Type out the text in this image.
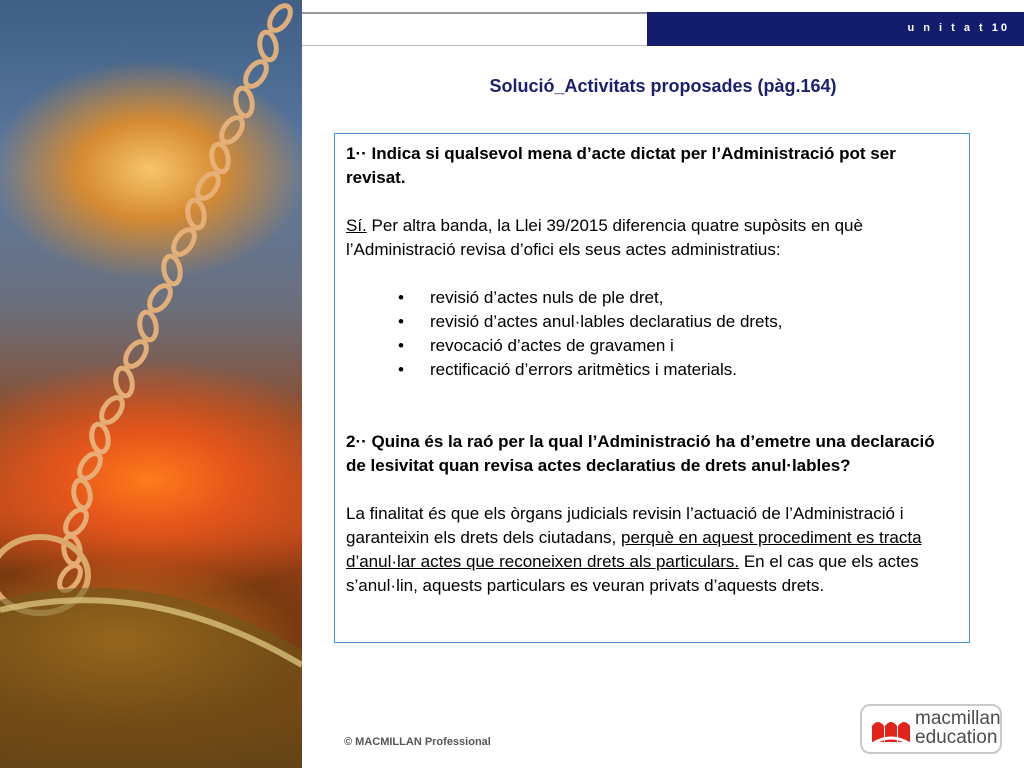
u n i t a t 10
Solució_Activitats proposades (pàg.164)

1·· Indica si qualsevol mena d’acte dictat per l’Administració pot ser revisat.

Sí. Per altra banda, la Llei 39/2015 diferencia quatre supòsits en què l’Administració revisa d’ofici els seus actes administratius:

• revisió d’actes nuls de ple dret,
• revisió d’actes anul·lables declaratius de drets,
• revocació d’actes de gravamen i
• rectificació d’errors aritmètics i materials.

2·· Quina és la raó per la qual l’Administració ha d’emetre una declaració de lesivitat quan revisa actes declaratius de drets anul·lables?

La finalitat és que els òrgans judicials revisin l’actuació de l’Administració i garanteixin els drets dels ciutadans, perquè en aquest procediment es tracta d’anul·lar actes que reconeixen drets als particulars. En el cas que els actes s’anul·lin, aquests particulars es veuran privats d’aquests drets.

© MACMILLAN Professional
macmillan
education
